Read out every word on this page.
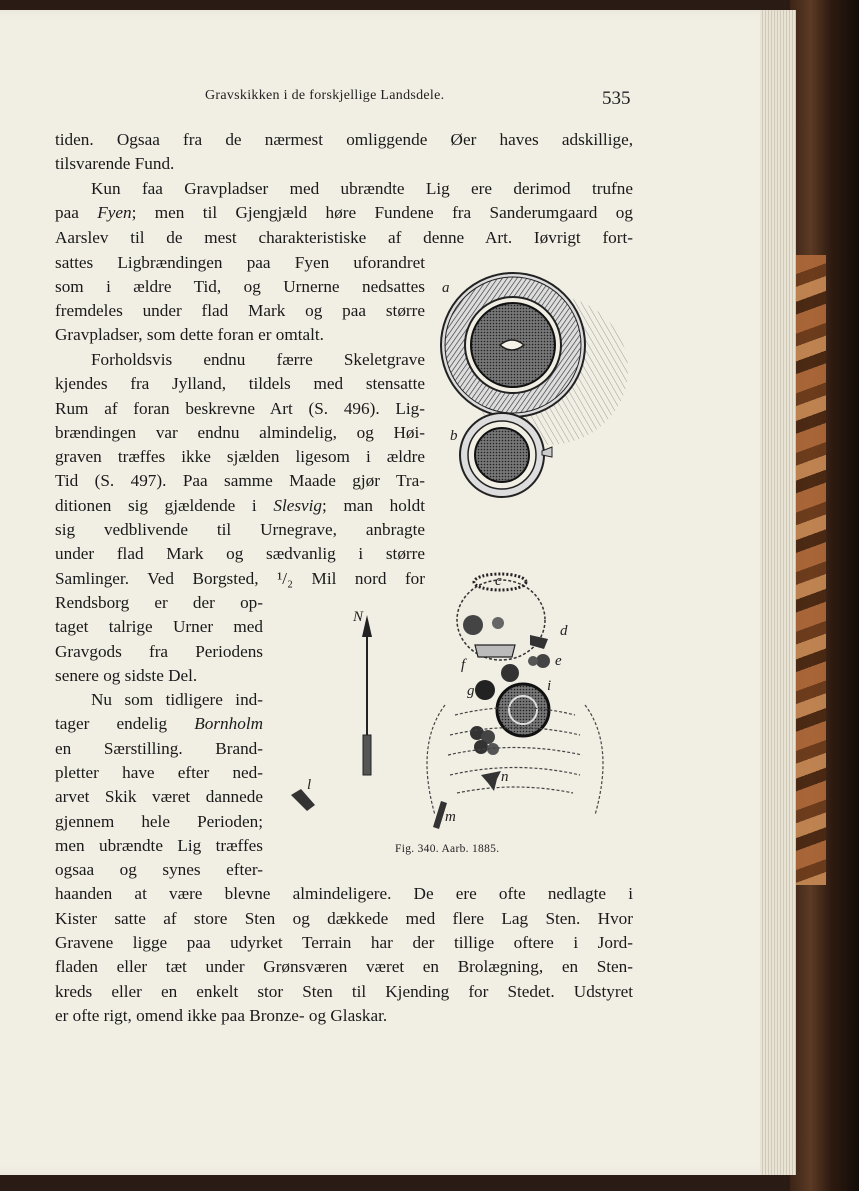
Gravskikken i de forskjellige Landsdele.	535
tiden. Ogsaa fra de nærmest omliggende Øer haves adskillige,
tilsvarende Fund.
Kun faa Gravpladser med ubrændte Lig ere derimod trufne
paa Fyen; men til Gjengjæld høre Fundene fra Sanderumgaard og
Aarslev til de mest charakteristiske af denne Art. Iøvrigt fort-
sattes Ligbrændingen paa Fyen uforandret
som i ældre Tid, og Urnerne nedsattes
fremdeles under flad Mark og paa større
Gravpladser, som dette foran er omtalt.
Forholdsvis endnu færre Skeletgrave
kjendes fra Jylland, tildels med stensatte
Rum af foran beskrevne Art (S. 496). Lig-
brændingen var endnu almindelig, og Høi-
graven træffes ikke sjælden ligesom i ældre
Tid (S. 497). Paa samme Maade gjør Tra-
ditionen sig gjældende i Slesvig; man holdt
sig vedblivende til Urnegrave, anbragte
under flad Mark og sædvanlig i større
Samlinger. Ved Borgsted, ¹/₂ Mil nord for
Rendsborg er der op-
taget talrige Urner med
Gravgods fra Periodens
senere og sidste Del.
Nu som tidligere ind-
tager endelig Bornholm
en Særstilling. Brand-
pletter have efter ned-
arvet Skik været dannede
gjennem hele Perioden;
men ubrændte Lig træffes
ogsaa og synes efter-
haanden at være blevne almindeligere. De ere ofte nedlagte i
Kister satte af store Sten og dækkede med flere Lag Sten. Hvor
Gravene ligge paa udyrket Terrain har der tillige oftere i Jord-
fladen eller tæt under Grønsværen været en Brolægning, en Sten-
kreds eller en enkelt stor Sten til Kjending for Stedet. Udstyret
er ofte rigt, omend ikke paa Bronze- og Glaskar.
a
b
N
c
d
e
f
g	i
l
m
n
Fig. 340. Aarb. 1885.
